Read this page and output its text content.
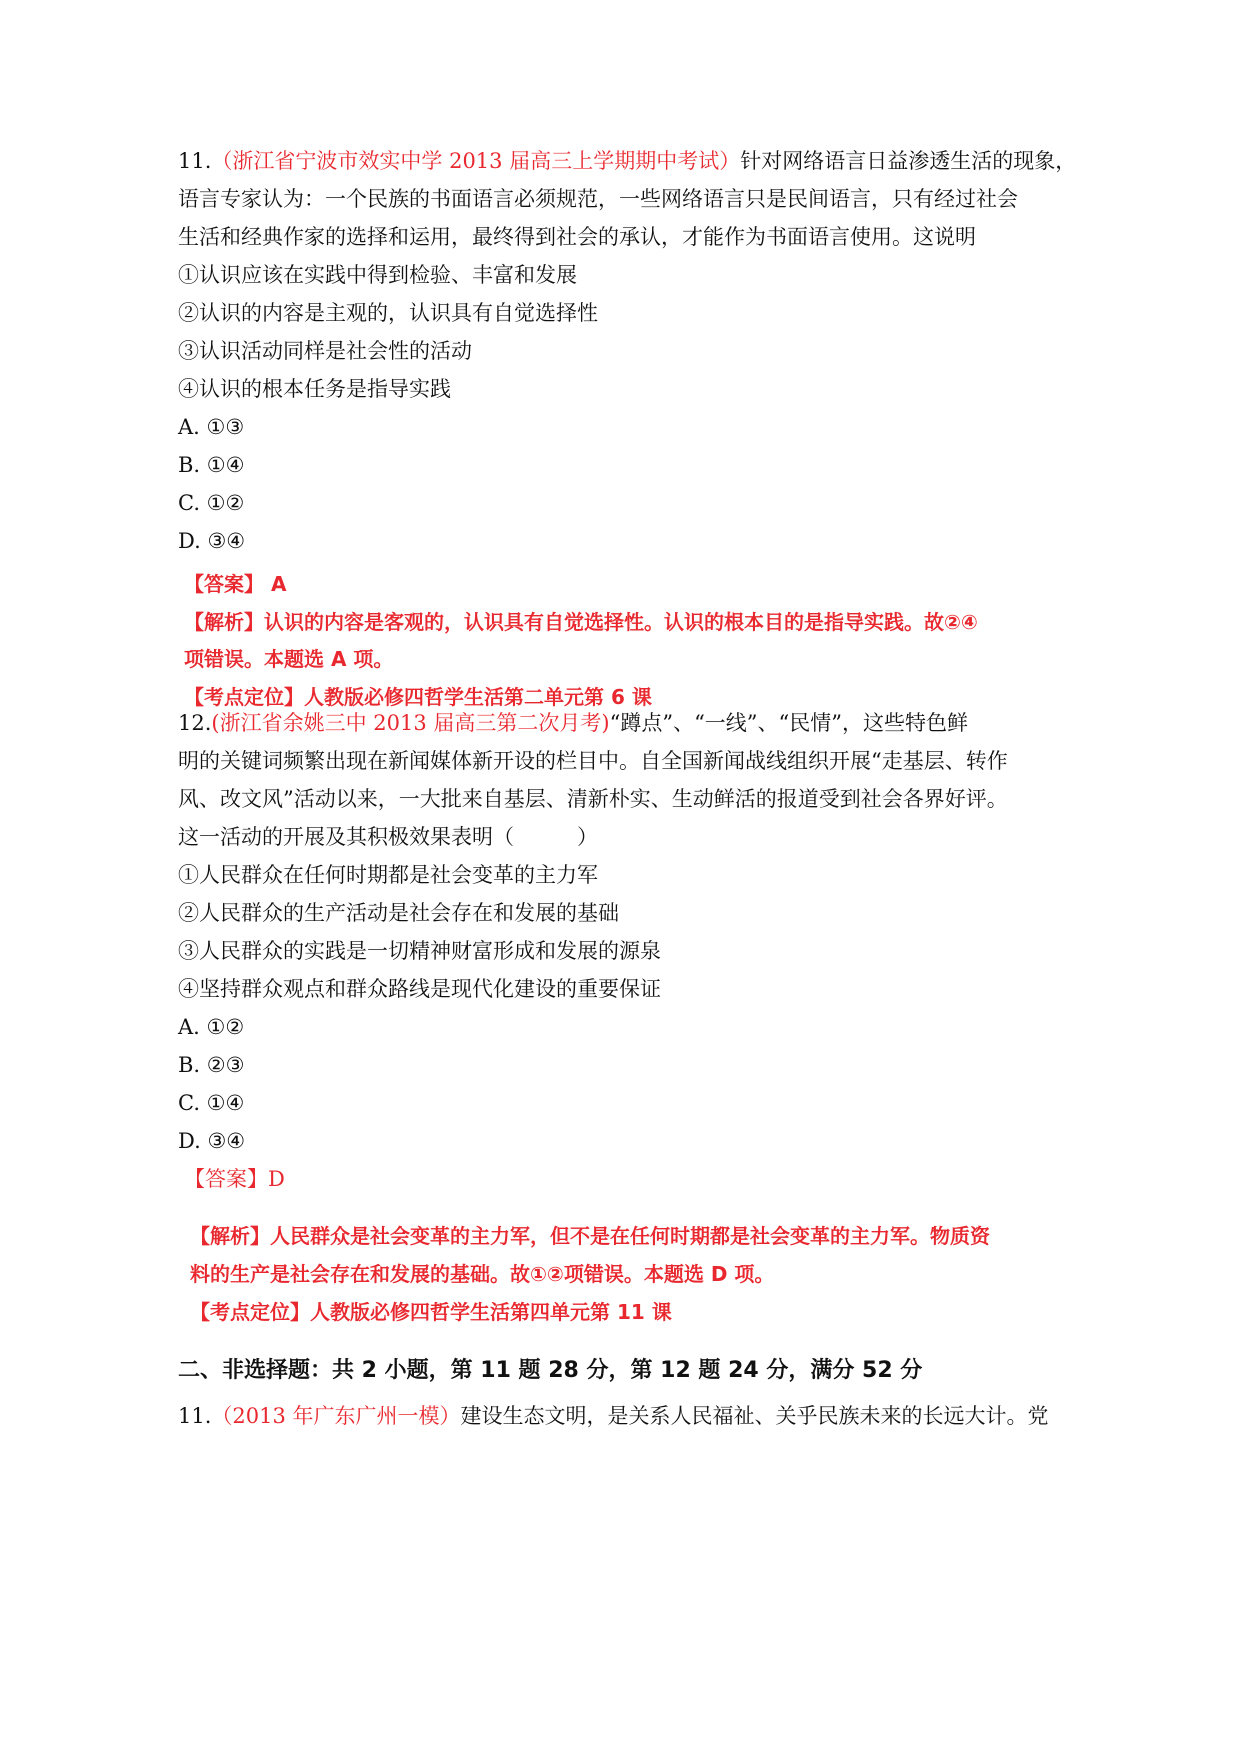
11.（浙江省宁波市效实中学 2013 届高三上学期期中考试）针对网络语言日益渗透生活的现象，
语言专家认为：一个民族的书面语言必须规范，一些网络语言只是民间语言，只有经过社会
生活和经典作家的选择和运用，最终得到社会的承认，才能作为书面语言使用。这说明
①认识应该在实践中得到检验、丰富和发展
②认识的内容是主观的，认识具有自觉选择性
③认识活动同样是社会性的活动
④认识的根本任务是指导实践
A. ①③
B. ①④
C. ①②
D. ③④
【答案】 A
【解析】认识的内容是客观的，认识具有自觉选择性。认识的根本目的是指导实践。故②④
项错误。本题选 A 项。
【考点定位】人教版必修四哲学生活第二单元第 6 课
12.(浙江省余姚三中 2013 届高三第二次月考)“蹲点”、“一线”、“民情”，这些特色鲜
明的关键词频繁出现在新闻媒体新开设的栏目中。自全国新闻战线组织开展“走基层、转作
风、改文风”活动以来，一大批来自基层、清新朴实、生动鲜活的报道受到社会各界好评。
这一活动的开展及其积极效果表明（　　　）
①人民群众在任何时期都是社会变革的主力军
②人民群众的生产活动是社会存在和发展的基础
③人民群众的实践是一切精神财富形成和发展的源泉
④坚持群众观点和群众路线是现代化建设的重要保证
A. ①②
B. ②③
C. ①④
D. ③④
【答案】D
【解析】人民群众是社会变革的主力军，但不是在任何时期都是社会变革的主力军。物质资
料的生产是社会存在和发展的基础。故①②项错误。本题选 D 项。
【考点定位】人教版必修四哲学生活第四单元第 11 课
二、非选择题：共 2 小题，第 11 题 28 分，第 12 题 24 分，满分 52 分
11.（2013 年广东广州一模）建设生态文明，是关系人民福祉、关乎民族未来的长远大计。党
